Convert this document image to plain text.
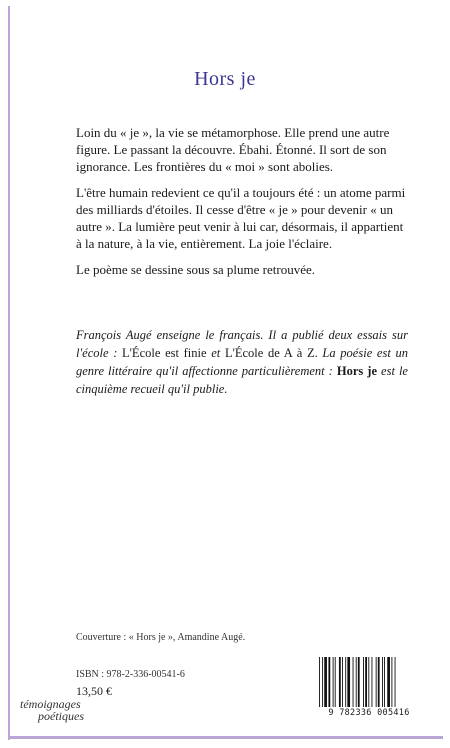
Hors je

Loin du « je », la vie se métamorphose. Elle prend une autre figure. Le passant la découvre. Ébahi. Étonné. Il sort de son ignorance. Les frontières du « moi » sont abolies.

L'être humain redevient ce qu'il a toujours été : un atome parmi des milliards d'étoiles. Il cesse d'être « je » pour devenir « un autre ». La lumière peut venir à lui car, désormais, il appartient à la nature, à la vie, entièrement. La joie l'éclaire.

Le poème se dessine sous sa plume retrouvée.

François Augé enseigne le français. Il a publié deux essais sur l'école : L'École est finie et L'École de A à Z. La poésie est un genre littéraire qu'il affectionne particulièrement : Hors je est le cinquième recueil qu'il publie.
Couverture : « Hors je », Amandine Augé.
ISBN : 978-2-336-00541-6
13,50 €
9 782336 005416
témoignages
poétiques
